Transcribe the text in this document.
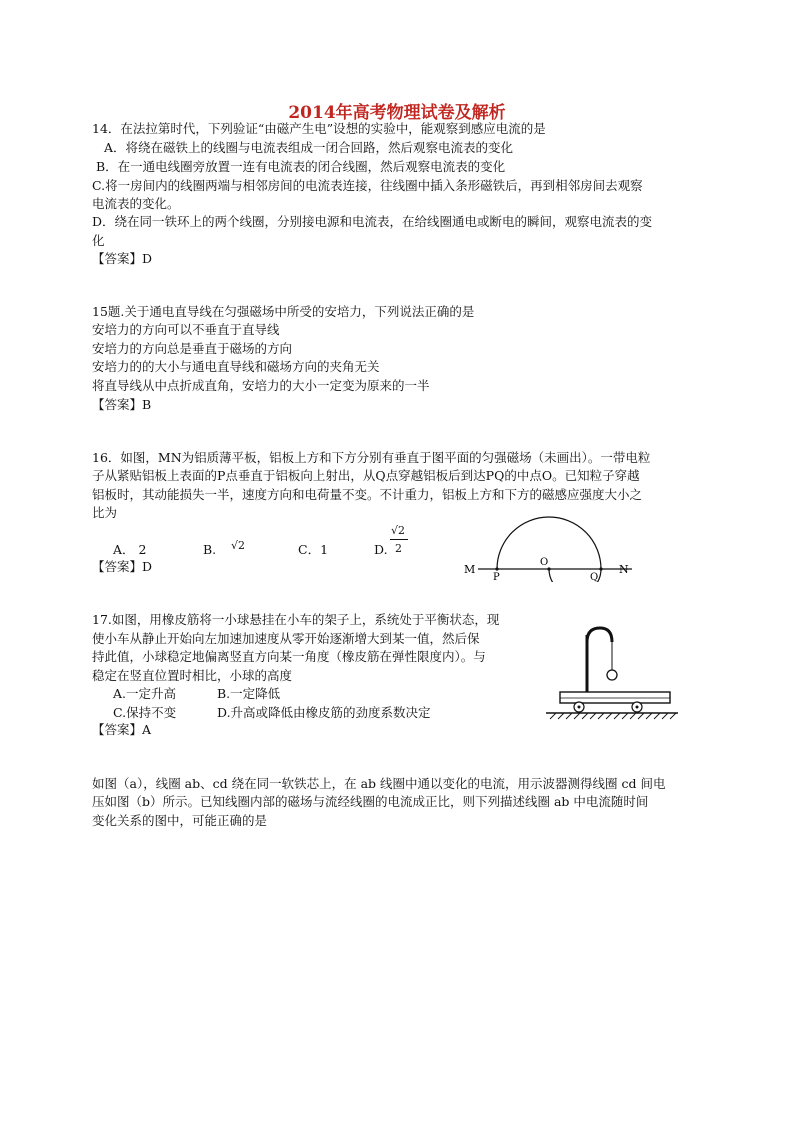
2014年高考物理试卷及解析
14．在法拉第时代，下列验证“由磁产生电”设想的实验中，能观察到感应电流的是
A．将绕在磁铁上的线圈与电流表组成一闭合回路，然后观察电流表的变化
B．在一通电线圈旁放置一连有电流表的闭合线圈，然后观察电流表的变化
C.将一房间内的线圈两端与相邻房间的电流表连接，往线圈中插入条形磁铁后，再到相邻房间去观察
电流表的变化。
D．绕在同一铁环上的两个线圈，分别接电源和电流表，在给线圈通电或断电的瞬间，观察电流表的变
化
【答案】D
15题.关于通电直导线在匀强磁场中所受的安培力，下列说法正确的是
安培力的方向可以不垂直于直导线
安培力的方向总是垂直于磁场的方向
安培力的的大小与通电直导线和磁场方向的夹角无关
将直导线从中点折成直角，安培力的大小一定变为原来的一半
【答案】B
16．如图，MN为铝质薄平板，铝板上方和下方分别有垂直于图平面的匀强磁场（未画出）。一带电粒
子从紧贴铝板上表面的P点垂直于铝板向上射出，从Q点穿越铝板后到达PQ的中点O。已知粒子穿越
铝板时，其动能损失一半，速度方向和电荷量不变。不计重力，铝板上方和下方的磁感应强度大小之
比为
A． 2	B. √2	C．1	D.
√2
2
【答案】D	M
P
O
Q
N
17.如图，用橡皮筋将一小球悬挂在小车的架子上，系统处于平衡状态，现
使小车从静止开始向左加速加速度从零开始逐渐增大到某一值，然后保
持此值，小球稳定地偏离竖直方向某一角度（橡皮筋在弹性限度内）。与
稳定在竖直位置时相比，小球的高度
A.一定升高	B.一定降低
C.保持不变	D.升高或降低由橡皮筋的劲度系数决定
【答案】A
如图（a），线圈 ab、cd 绕在同一软铁芯上，在 ab 线圈中通以变化的电流，用示波器测得线圈 cd 间电
压如图（b）所示。已知线圈内部的磁场与流经线圈的电流成正比，则下列描述线圈 ab 中电流随时间
变化关系的图中，可能正确的是
